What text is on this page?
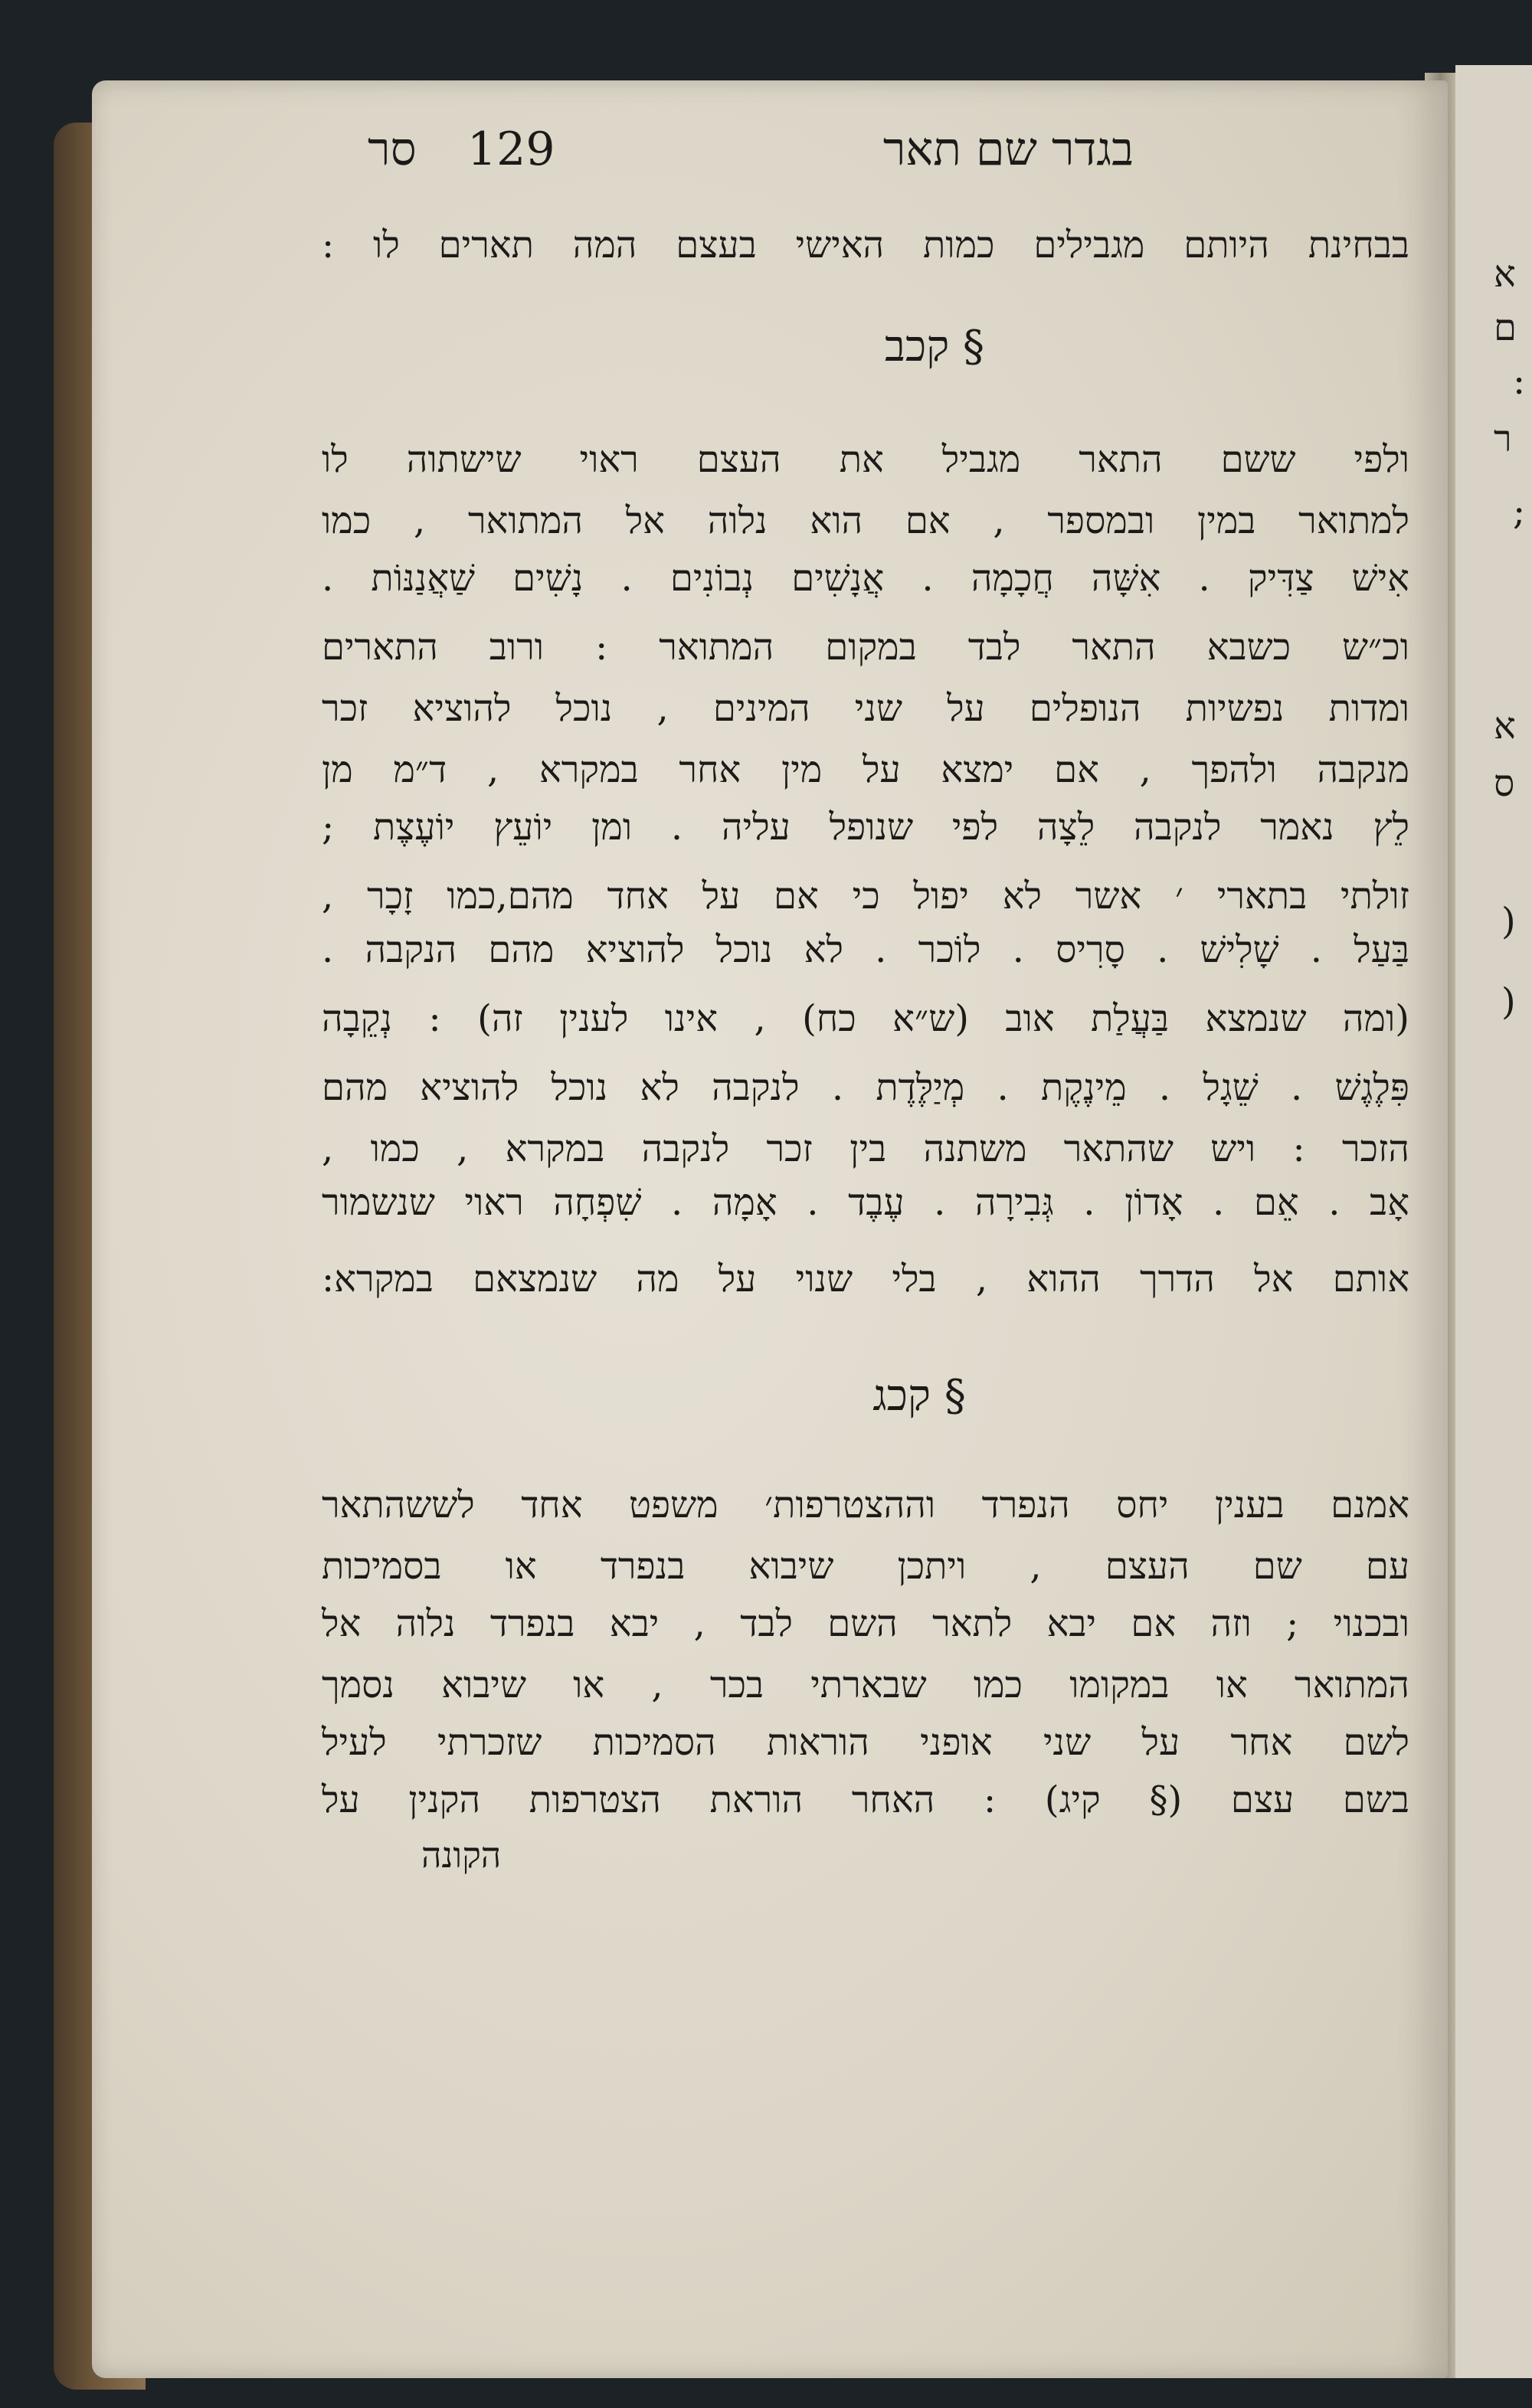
סר 129	בגדר שם תאר
בבחינת היותם מגבילים כמות האישי בעצם המה תארים לו :
§ קכב
ולפי ששם התאר מגביל את העצם ראוי שישתוה לו
למתואר במין ובמספר , אם הוא נלוה אל המתואר , כמו
אִישׁ צַדִּיק . אִשָּׁה חֲכָמָה . אֲנָשִׁים נְבוֹנִים . נָשִׁים שַׁאֲנַנּוֹת .
וכ״ש כשבא התאר לבד במקום המתואר : ורוב התארים
ומדות נפשיות הנופלים על שני המינים , נוכל להוציא זכר
מנקבה ולהפך , אם ימצא על מין אחר במקרא , ד״מ מן
לֵץ נאמר לנקבה לֵצָה לפי שנופל עליה . ומן יוֹעֵץ יוֹעֶצֶת ;
זולתי בתארי ׳ אשר לא יפול כי אם על אחד מהם,כמו זָכָר ,
בַּעַל . שָׁלִישׁ . סָרִיס . לוֹכר . לא נוכל להוציא מהם הנקבה .
(ומה שנמצא בַּעֲלַת אוב (ש״א כח) , אינו לענין זה) : נְקֵבָה
פִּלֶגֶשׁ . שֵׁגָל . מֵינֶקֶת . מְיַלֶּדֶת . לנקבה לא נוכל להוציא מהם
הזכר : ויש שהתאר משתנה בין זכר לנקבה במקרא , כמו ,
אָב . אֵם . אָדוֹן . גְּבִירָה . עֶבֶד . אָמָה . שִׁפְחָה ראוי שנשמור
אותם אל הדרך ההוא , בלי שנוי על מה שנמצאם במקרא:
§ קכג
אמנם בענין יחס הנפרד וההצטרפות׳ משפט אחד לששהתאר
עם שם העצם , ויתכן שיבוא בנפרד או בסמיכות
ובכנוי ; וזה אם יבא לתאר השם לבד , יבא בנפרד נלוה אל
המתואר או במקומו כמו שבארתי בכר , או שיבוא נסמך
לשם אחר על שני אופני הוראות הסמיכות שזכרתי לעיל
בשם עצם (§ קיג) : האחר הוראת הצטרפות הקנין על
הקונה
א
ם
:
ר
;
א
ס
)
)
